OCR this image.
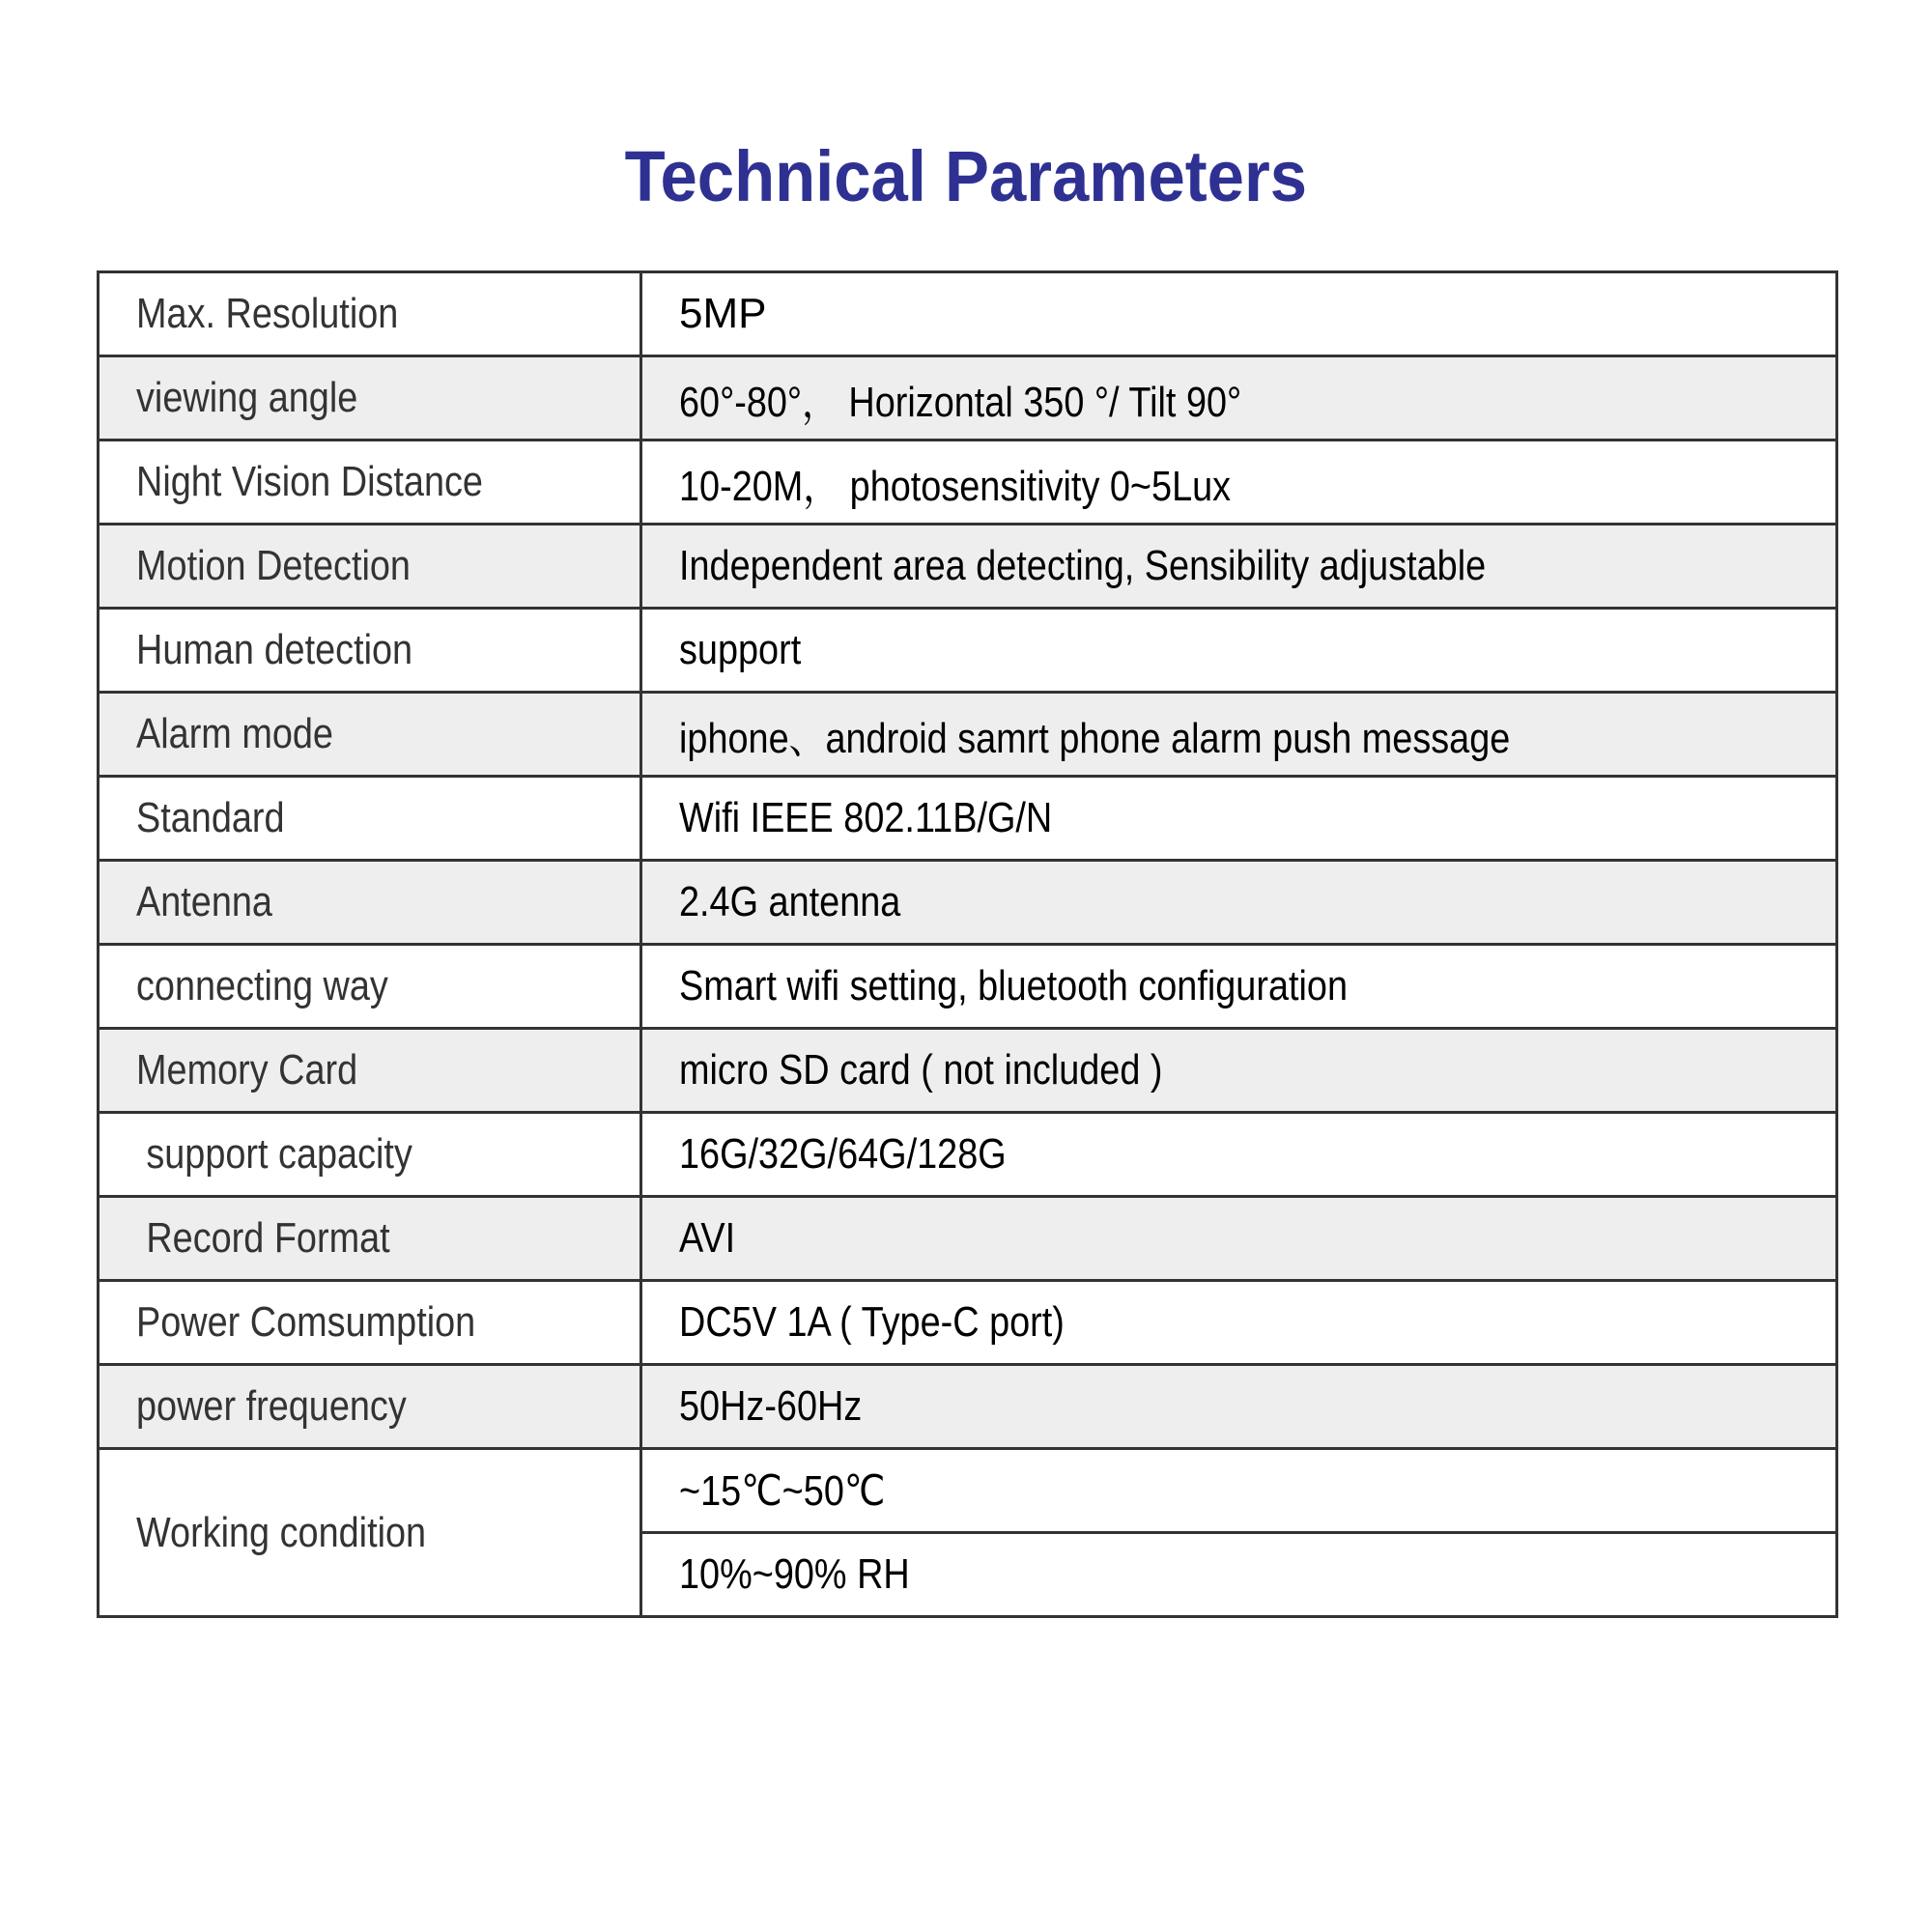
Technical Parameters
Max. Resolution	5MP
viewing angle	60°-80°， Horizontal 350 °/ Tilt 90°
Night Vision Distance	10-20M， photosensitivity 0~5Lux
Motion Detection	Independent area detecting, Sensibility adjustable
Human detection	support
Alarm mode	iphone、android samrt phone alarm push message
Standard	Wifi IEEE 802.11B/G/N
Antenna	2.4G antenna
connecting way	Smart wifi setting, bluetooth configuration
Memory Card	micro SD card ( not included )
support capacity	16G/32G/64G/128G
Record Format	AVI
Power Comsumption	DC5V 1A ( Type-C port)
power frequency	50Hz-60Hz
Working condition	~15℃~50℃
	10%~90% RH
